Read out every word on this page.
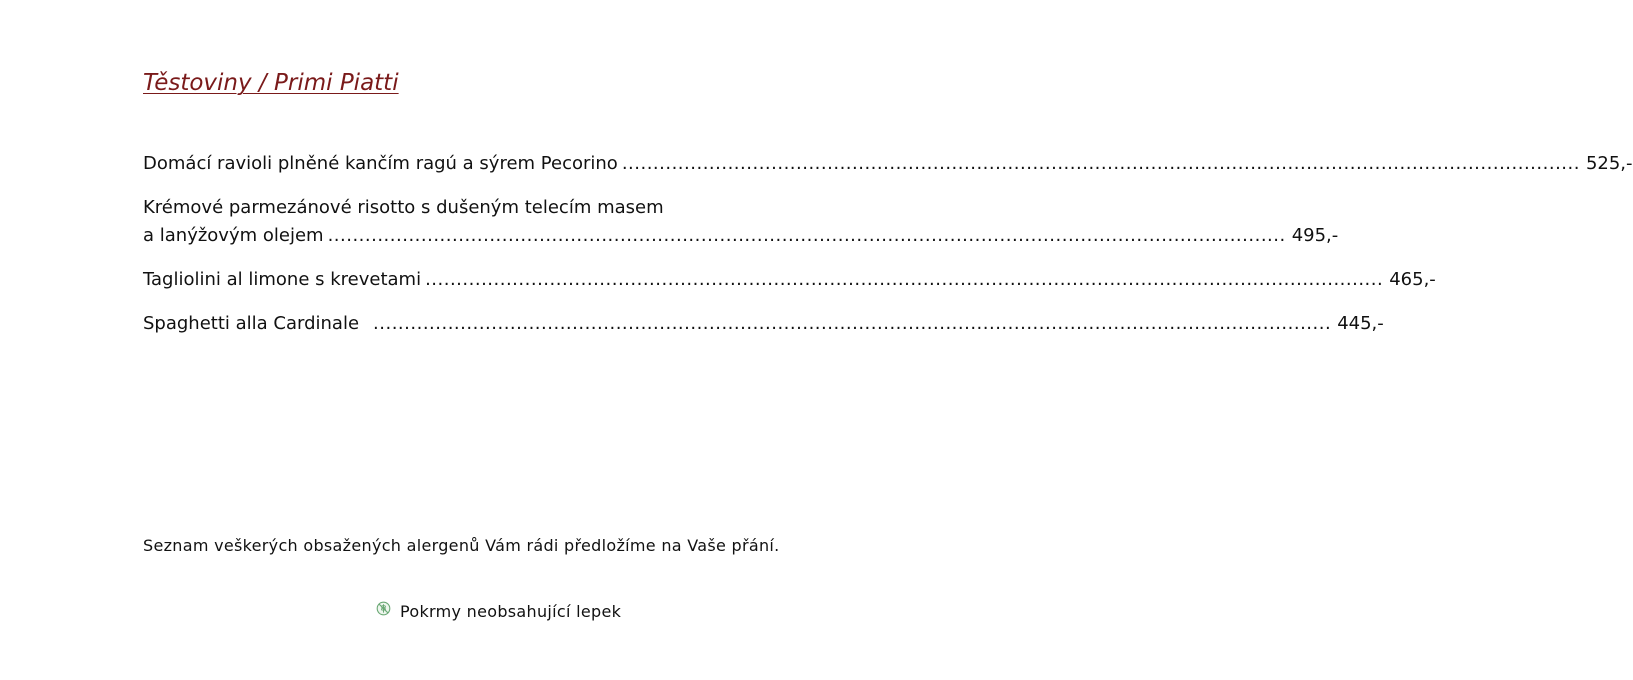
Těstoviny / Primi Piatti
Domácí ravioli plněné kančím ragú a sýrem Pecorino .......................................................................................................................................................... 525,-
Krémové parmezánové risotto s dušeným telecím masem
a lanýžovým olejem .......................................................................................................................................................... 495,-
Tagliolini al limone s krevetami .......................................................................................................................................................... 465,-
Spaghetti alla Cardinale .......................................................................................................................................................... 445,-
Seznam veškerých obsažených alergenů Vám rádi předložíme na Vaše přání.
Pokrmy neobsahující lepek
